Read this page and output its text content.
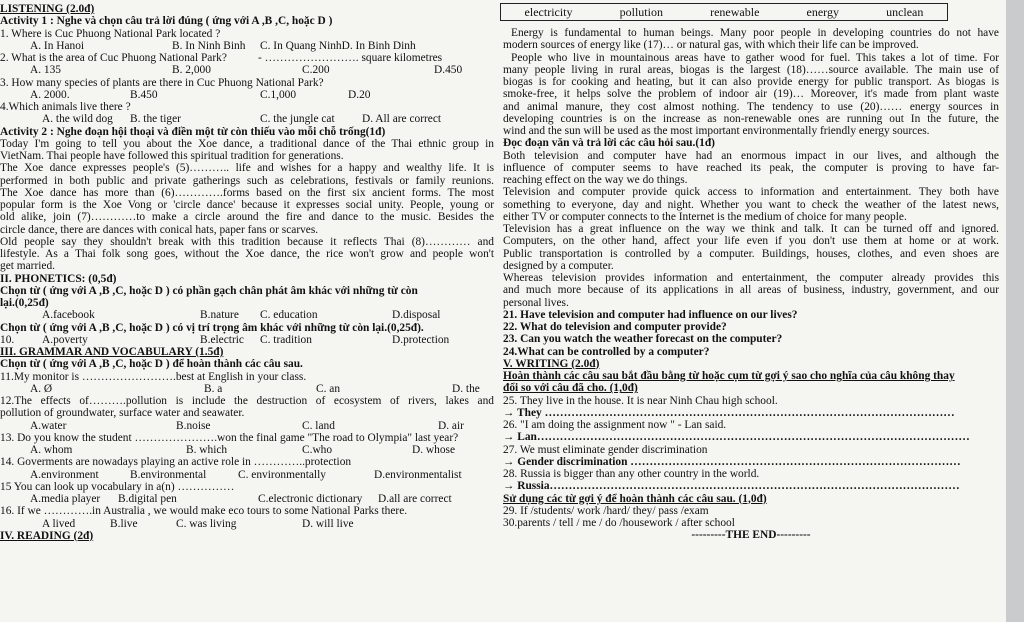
LISTENING (2.0đ)
Activity 1 : Nghe và chọn câu trả lời đúng ( ứng với A ,B ,C, hoặc D )
1. Where is Cuc Phuong National Park located ?
A. In Hanoi	B. In Ninh Binh	C. In Quang NinhD. In Binh Dinh
2. What is the area of Cuc Phuong National Park?	- ……………………. square kilometres
A. 135	B. 2,000	C.200	D.450
3. How many species of plants are there in Cuc Phuong National Park?
A. 2000.	B.450	C.1,000	D.20
4.Which animals live there ?
A. the wild dog	B. the tiger	C. the jungle cat	D. All are correct
Activity 2 : Nghe đoạn hội thoại và điền một từ còn thiếu vào mỗi chỗ trống(1đ)
Today I'm going to tell you about the Xoe dance, a traditional dance of the Thai ethnic group in
VietNam. Thai people have followed this spiritual tradition for generations.
The Xoe dance expresses people's (5)……….. life and wishes for a happy and wealthy life. It is
performed in both public and private gatherings such as celebrations, festivals or family reunions.
The Xoe dance has more than (6)………….forms based on the first six ancient forms. The most
popular form is the Xoe Vong or 'circle dance' because it expresses social unity. People, young or
old alike, join (7)…………to make a circle around the fire and dance to the music. Besides the
circle dance, there are dances with conical hats, paper fans or scarves.
Old people say they shouldn't break with this tradition because it reflects Thai (8)………… and
lifestyle. As a Thai folk song goes, without the Xoe dance, the rice won't grow and people won't
get married.
II. PHONETICS: (0,5đ)
Chọn từ ( ứng với A ,B ,C, hoặc D ) có phần gạch chân phát âm khác với những từ còn
lại.(0,25đ)
A.facebook	B.nature	C. education	D.disposal
Chọn từ ( ứng với A ,B ,C, hoặc D ) có vị trí trọng âm khác với những từ còn lại.(0,25đ).
10.	A.poverty	B.electric	C. tradition	D.protection
III. GRAMMAR AND VOCABULARY (1.5đ)
Chọn từ ( ứng với A ,B ,C, hoặc D ) để hoàn thành các câu sau.
11.My monitor is …………………….best at English in your class.
A. Ø	B. a	C. an	D. the
12.The effects of……….pollution is include the destruction of ecosystem of rivers, lakes and
pollution of groundwater, surface water and seawater.
A.water	B.noise	C. land	D. air
13. Do you know the student ………………….won the final game "The road to Olympia" last year?
A. whom	B. which	C.who	D. whose
14. Goverments are nowadays playing an active role in …………..protection
A.environment	B.environmental	C. environmentally	D.environmentalist
15 You can look up vocabulary in a(n) ……………
A.media player	B.digital pen	C.electronic dictionary	D.all are correct
16. If we ………….in Australia , we would make eco tours to some National Parks there.
A lived	B.live	C. was living	D. will live
IV. READING (2đ)
electricity	pollution	renewable	energy	unclean
Energy is fundamental to human beings. Many poor people in developing countries do not have
modern sources of energy like (17)… or natural gas, with which their life can be improved.
People who live in mountainous areas have to gather wood for fuel. This takes a lot of time. For
many people living in rural areas, biogas is the largest (18)……source available. The main use of
biogas is for cooking and heating, but it can also provide energy for public transport. As biogas is
smoke-free, it helps solve the problem of indoor air (19)… Moreover, it's made from plant waste
and animal manure, they cost almost nothing. The tendency to use (20)…… energy sources in
developing countries is on the increase as non-renewable ones are running out In the future, the
wind and the sun will be used as the most important environmentally friendly energy sources.
Đọc đoạn văn và trả lời các câu hỏi sau.(1đ)
Both television and computer have had an enormous impact in our lives, and although the
influence of computer seems to have reached its peak, the computer is proving to have far-
reaching effect on the way we do things.
Television and computer provide quick access to information and entertainment. They both have
something to everyone, day and night. Whether you want to check the weather of the latest news,
either TV or computer connects to the Internet is the medium of choice for many people.
Television has a great influence on the way we think and talk. It can be turned off and ignored.
Computers, on the other hand, affect your life even if you don't use them at home or at work.
Public transportation is controlled by a computer. Buildings, houses, clothes, and even shoes are
designed by a computer.
Whereas television provides information and entertainment, the computer already provides this
and much more because of its applications in all areas of business, industry, government, and our
personal lives.
21. Have television and computer had influence on our lives?
22. What do television and computer provide?
23. Can you watch the weather forecast on the computer?
24.What can be controlled by a computer?
V. WRITING (2.0đ)
Hoàn thành các câu sau bắt đầu bằng từ hoặc cụm từ gợi ý sao cho nghĩa của câu không thay
đổi so với câu đã cho. (1,0đ)
25. They live in the house. It is near Ninh Chau high school.
→ They ………………………………………………………………………………………………
26. "I am doing the assignment now " - Lan said.
→ Lan……………………………………………………………………………………………………
27. We must eliminate gender discrimination
→ Gender discrimination ……………………………………………………………………………
28. Russia is bigger than any other country in the world.
→ Russia………………………………………………………………………………………………
Sử dụng các từ gợi ý để hoàn thành các câu sau. (1,0đ)
29. If /students/ work /hard/ they/ pass /exam
30.parents / tell / me / do /housework / after school
---------THE END---------
